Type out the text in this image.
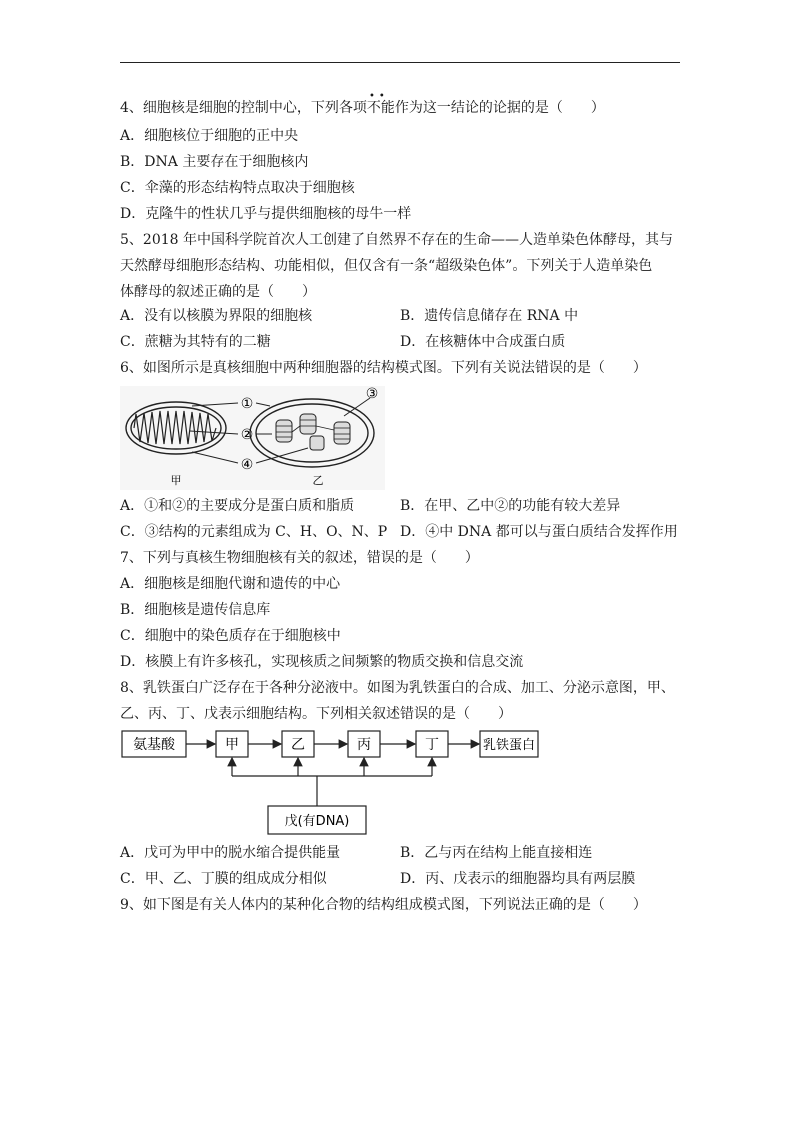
••
4、细胞核是细胞的控制中心，下列各项不能作为这一结论的论据的是（　　）
A．细胞核位于细胞的正中央
B．DNA 主要存在于细胞核内
C．伞藻的形态结构特点取决于细胞核
D．克隆牛的性状几乎与提供细胞核的母牛一样
5、2018 年中国科学院首次人工创建了自然界不存在的生命——人造单染色体酵母，其与
天然酵母细胞形态结构、功能相似，但仅含有一条“超级染色体”。下列关于人造单染色
体酵母的叙述正确的是（　　）
A．没有以核膜为界限的细胞核	B．遗传信息储存在 RNA 中
C．蔗糖为其特有的二糖	D．在核糖体中合成蛋白质
6、如图所示是真核细胞中两种细胞器的结构模式图。下列有关说法错误的是（　　）
①
②
③
④
甲	乙
A．①和②的主要成分是蛋白质和脂质	B．在甲、乙中②的功能有较大差异
C．③结构的元素组成为 C、H、O、N、P D．④中 DNA 都可以与蛋白质结合发挥作用
7、下列与真核生物细胞核有关的叙述，错误的是（　　）
A．细胞核是细胞代谢和遗传的中心
B．细胞核是遗传信息库
C．细胞中的染色质存在于细胞核中
D．核膜上有许多核孔，实现核质之间频繁的物质交换和信息交流
8、乳铁蛋白广泛存在于各种分泌液中。如图为乳铁蛋白的合成、加工、分泌示意图，甲、
乙、丙、丁、戊表示细胞结构。下列相关叙述错误的是（　　）
氨基酸	甲	乙	丙	丁	乳铁蛋白
戊(有DNA)
A．戊可为甲中的脱水缩合提供能量	B．乙与丙在结构上能直接相连
C．甲、乙、丁膜的组成成分相似	D．丙、戊表示的细胞器均具有两层膜
9、如下图是有关人体内的某种化合物的结构组成模式图，下列说法正确的是（　　）
